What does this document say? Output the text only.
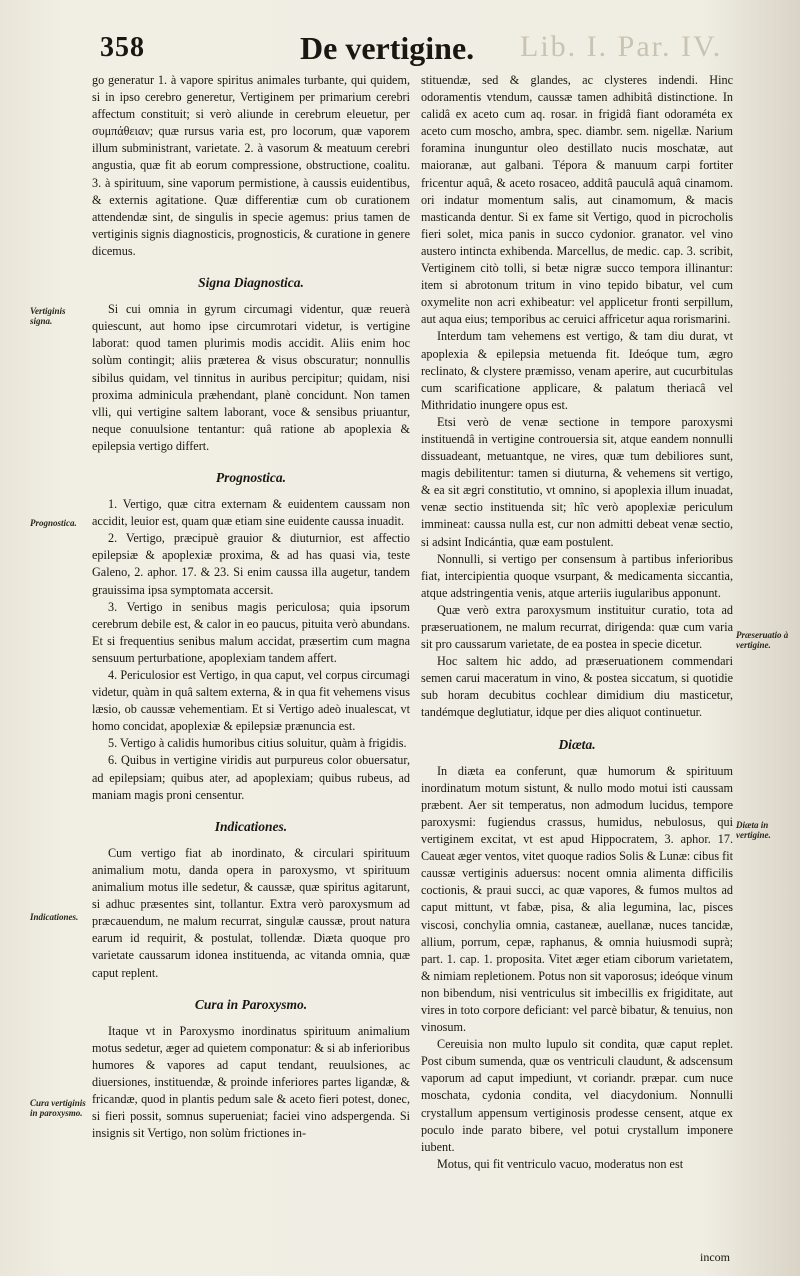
358	De vertigine. Lib. I. Par. IV.

go generatur 1. à vapore spiritus animales turbante, qui quidem, si in ipso cerebro generetur, Vertiginem per primarium cerebri affectum constituit; si verò aliunde in cerebrum eleuetur, per συμπάθειαν; quæ rursus varia est, pro locorum, quæ vaporem illum subministrant, varietate. 2. à vasorum & meatuum cerebri angustia, quæ fit ab eorum compressione, obstructione, coalitu. 3. à spirituum, sine vaporum permistione, à caussis euidentibus, & externis agitatione. Quæ differentiæ cum ob curationem attendendæ sint, de singulis in specie agemus: prius tamen de vertiginis signis diagnosticis, prognosticis, & curatione in genere dicemus.

Signa Diagnostica.

Si cui omnia in gyrum circumagi videntur, quæ reuerà quiescunt, aut homo ipse circumrotari videtur, is vertigine laborat: quod tamen plurimis modis accidit. Aliis enim hoc solùm contingit; aliis præterea & visus obscuratur; nonnullis sibilus quidam, vel tinnitus in auribus percipitur; quidam, nisi proxima adminicula præhendant, planè concidunt. Non tamen vlli, qui vertigine saltem laborant, voce & sensibus priuantur, neque conuulsione tentantur: quâ ratione ab apoplexia & epilepsia vertigo differt.

Prognostica.

1. Vertigo, quæ citra externam & euidentem caussam non accidit, leuior est, quam quæ etiam sine euidente caussa inuadit.

2. Vertigo, præcipuè grauior & diuturnior, est affectio epilepsiæ & apoplexiæ proxima, & ad has quasi via, teste Galeno, 2. aphor. 17. & 23. Si enim caussa illa augetur, tandem grauissima ipsa symptomata accersit.

3. Vertigo in senibus magis periculosa; quia ipsorum cerebrum debile est, & calor in eo paucus, pituita verò abundans. Et si frequentius senibus malum accidat, præsertim cum magna sensuum perturbatione, apoplexiam tandem affert.

4. Periculosior est Vertigo, in qua caput, vel corpus circumagi videtur, quàm in quâ saltem externa, & in qua fit vehemens visus læsio, ob caussæ vehementiam. Et si Vertigo adeò inualescat, vt homo concidat, apoplexiæ & epilepsiæ prænuncia est.

5. Vertigo à calidis humoribus citius soluitur, quàm à frigidis.

6. Quibus in vertigine viridis aut purpureus color obuersatur, ad epilepsiam; quibus ater, ad apoplexiam; quibus rubeus, ad maniam magis proni censentur.

Indicationes.

Cum vertigo fiat ab inordinato, & circulari spirituum animalium motu, danda opera in paroxysmo, vt spirituum animalium motus ille sedetur, & caussæ, quæ spiritus agitarunt, si adhuc præsentes sint, tollantur. Extra verò paroxysmum ad præcauendum, ne malum recurrat, singulæ caussæ, prout natura earum id requirit, & postulat, tollendæ. Diæta quoque pro varietate caussarum idonea instituenda, ac vitanda omnia, quæ caput replent.

Cura in Paroxysmo.

Itaque vt in Paroxysmo inordinatus spirituum animalium motus sedetur, æger ad quietem componatur: & si ab inferioribus humores & vapores ad caput tendant, reuulsiones, ac diuersiones, instituendæ, & proinde inferiores partes ligandæ, & fricandæ, quod in plantis pedum sale & aceto fieri potest, donec, si fieri possit, somnus superueniat; faciei vino adspergenda. Si insignis sit Vertigo, non solùm frictiones in-

stituendæ, sed & glandes, ac clysteres indendi. Hinc odoramentis vtendum, caussæ tamen adhibitâ distinctione. In calidâ ex aceto cum aq. rosar. in frigidâ fiant odoraméta ex aceto cum moscho, ambra, spec. diambr. sem. nigellæ. Narium foramina inunguntur oleo destillato nucis moschatæ, aut maioranæ, aut galbani. Tépora & manuum carpi fortiter fricentur aquâ, & aceto rosaceo, additâ pauculâ aquâ cinamom. ori indatur momentum salis, aut cinamomum, & macis masticanda dentur. Si ex fame sit Vertigo, quod in picrocholis fieri solet, mica panis in succo cydonior. granator. vel vino austero intincta exhibenda. Marcellus, de medic. cap. 3. scribit, Vertiginem citò tolli, si betæ nigræ succo tempora illinantur: item si abrotonum tritum in vino tepido bibatur, vel cum oxymelite non acri exhibeatur: vel applicetur fronti serpillum, aut aqua eius; temporibus ac ceruici affricetur aqua rorismarini.

Interdum tam vehemens est vertigo, & tam diu durat, vt apoplexia & epilepsia metuenda fit. Ideóque tum, ægro reclinato, & clystere præmisso, venam aperire, aut cucurbitulas cum scarificatione applicare, & palatum theriacâ vel Mithridatio inungere opus est.

Etsi verò de venæ sectione in tempore paroxysmi instituendâ in vertigine controuersia sit, atque eandem nonnulli dissuadeant, metuantque, ne vires, quæ tum debiliores sunt, magis debilitentur: tamen si diuturna, & vehemens sit vertigo, & ea sit ægri constitutio, vt omnino, si apoplexia illum inuadat, venæ sectio instituenda sit; hîc verò apoplexiæ periculum immineat: caussa nulla est, cur non admitti debeat venæ sectio, si adsint Indicántia, quæ eam postulent.

Nonnulli, si vertigo per consensum à partibus inferioribus fiat, intercipientia quoque vsurpant, & medicamenta siccantia, atque adstringentia venis, atque arteriis iugularibus apponunt.

Quæ verò extra paroxysmum instituitur curatio, tota ad præseruationem, ne malum recurrat, dirigenda: quæ cum varia sit pro caussarum varietate, de ea postea in specie dicetur.

Hoc saltem hic addo, ad præseruationem commendari semen carui maceratum in vino, & postea siccatum, si quotidie sub horam decubitus cochlear dimidium diu masticetur, tandémque deglutiatur, idque per dies aliquot continuetur.

Diæta.

In diæta ea conferunt, quæ humorum & spirituum inordinatum motum sistunt, & nullo modo motui isti caussam præbent. Aer sit temperatus, non admodum lucidus, tempore paroxysmi: fugiendus crassus, humidus, nebulosus, qui vertiginem excitat, vt est apud Hippocratem, 3. aphor. 17. Caueat æger ventos, vitet quoque radios Solis & Lunæ: cibus fit caussæ vertiginis aduersus: nocent omnia alimenta difficilis coctionis, & praui succi, ac quæ vapores, & fumos multos ad caput mittunt, vt fabæ, pisa, & alia legumina, lac, pisces viscosi, conchylia omnia, castaneæ, auellanæ, nuces tancidæ, allium, porrum, cepæ, raphanus, & omnia huiusmodi suprà; part. 1. cap. 1. proposita. Vitet æger etiam ciborum varietatem, & nimiam repletionem. Potus non sit vaporosus; ideóque vinum non bibendum, nisi ventriculus sit imbecillis ex frigiditate, aut vires in toto corpore deficiant: vel parcè bibatur, & tenuius, non vinosum.

Cereuisia non multo lupulo sit condita, quæ caput replet. Post cibum sumenda, quæ os ventriculi claudunt, & adscensum vaporum ad caput impediunt, vt coriandr. præpar. cum nuce moschata, cydonia condita, vel diacydonium. Nonnulli crystallum appensum vertiginosis prodesse censent, atque ex poculo inde parato bibere, vel potui crystallum imponere iubent.

Motus, qui fit ventriculo vacuo, moderatus non est

Vertiginis signa.
Prognostica.
Indicationes.
Cura vertiginis in paroxysmo.
Præseruatio à vertigine.
Diæta in vertigine.
incom
